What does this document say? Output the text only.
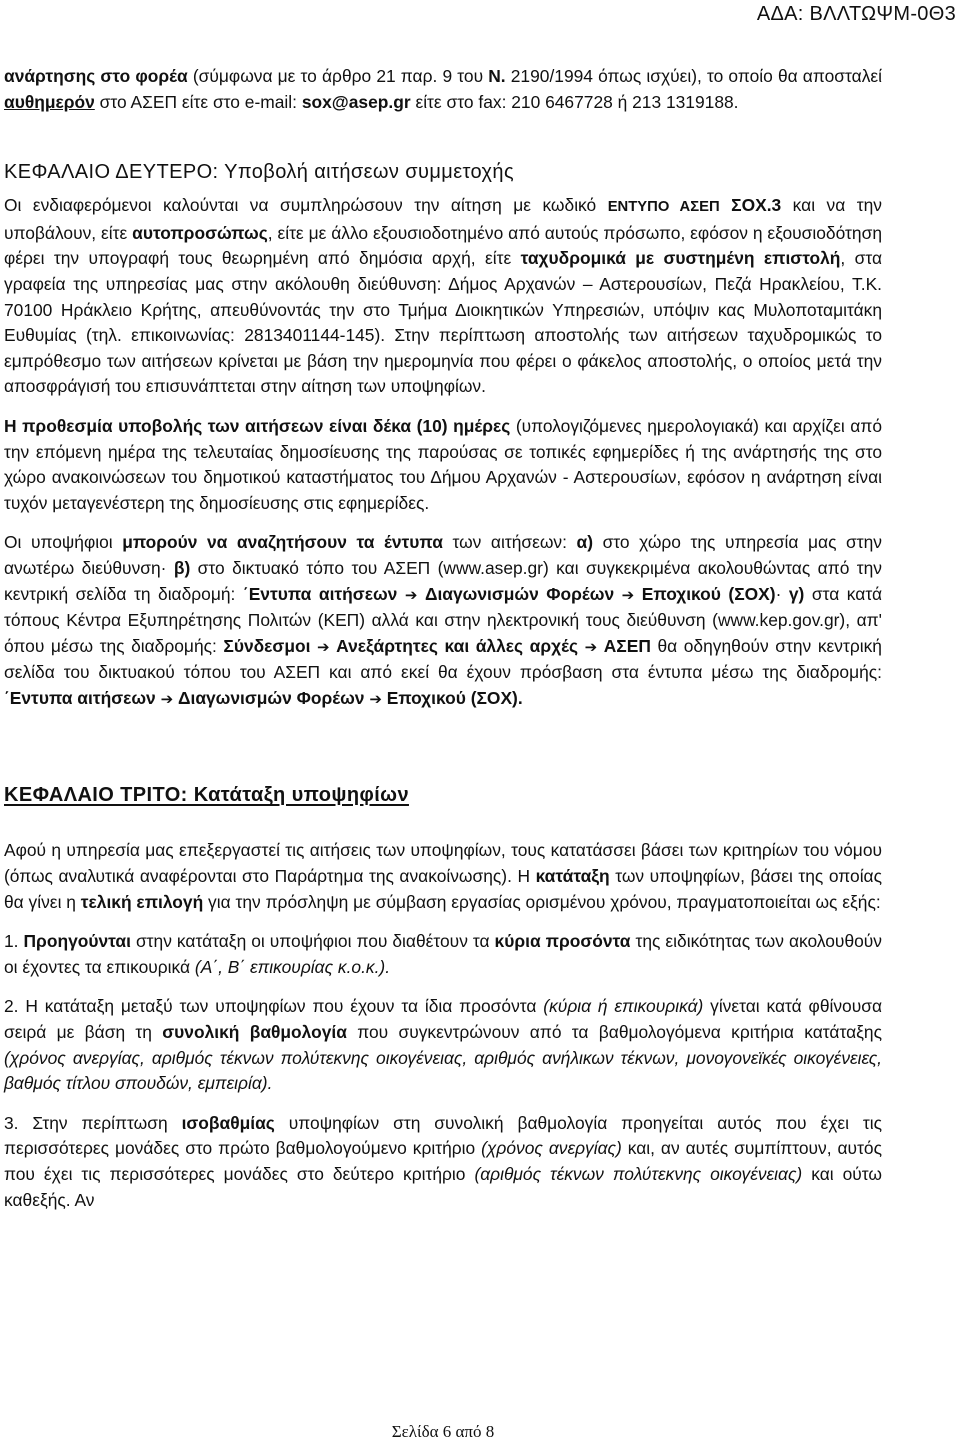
ΑΔΑ: ΒΛΛΤΩΨΜ-0Θ3

ανάρτησης στο φορέα (σύμφωνα με το άρθρο 21 παρ. 9 του Ν. 2190/1994 όπως ισχύει), το οποίο θα αποσταλεί αυθημερόν στο ΑΣΕΠ είτε στο e-mail: sox@asep.gr είτε στο fax: 210 6467728 ή 213 1319188.

ΚΕΦΑΛΑΙΟ ΔΕΥΤΕΡΟ: Υποβολή αιτήσεων συμμετοχής

Οι ενδιαφερόμενοι καλούνται να συμπληρώσουν την αίτηση με κωδικό ΕΝΤΥΠΟ ΑΣΕΠ ΣΟΧ.3 και να την υποβάλουν, είτε αυτοπροσώπως, είτε με άλλο εξουσιοδοτημένο από αυτούς πρόσωπο, εφόσον η εξουσιοδότηση φέρει την υπογραφή τους θεωρημένη από δημόσια αρχή, είτε ταχυδρομικά με συστημένη επιστολή, στα γραφεία της υπηρεσίας μας στην ακόλουθη διεύθυνση: Δήμος Αρχανών – Αστερουσίων, Πεζά Ηρακλείου, Τ.Κ. 70100 Ηράκλειο Κρήτης, απευθύνοντάς την στο Τμήμα Διοικητικών Υπηρεσιών, υπόψιν κας Μυλοποταμιτάκη Ευθυμίας (τηλ. επικοινωνίας: 2813401144-145). Στην περίπτωση αποστολής των αιτήσεων ταχυδρομικώς το εμπρόθεσμο των αιτήσεων κρίνεται με βάση την ημερομηνία που φέρει ο φάκελος αποστολής, ο οποίος μετά την αποσφράγισή του επισυνάπτεται στην αίτηση των υποψηφίων.

Η προθεσμία υποβολής των αιτήσεων είναι δέκα (10) ημέρες (υπολογιζόμενες ημερολογιακά) και αρχίζει από την επόμενη ημέρα της τελευταίας δημοσίευσης της παρούσας σε τοπικές εφημερίδες ή της ανάρτησής της στο χώρο ανακοινώσεων του δημοτικού καταστήματος του Δήμου Αρχανών - Αστερουσίων, εφόσον η ανάρτηση είναι τυχόν μεταγενέστερη της δημοσίευσης στις εφημερίδες.

Οι υποψήφιοι μπορούν να αναζητήσουν τα έντυπα των αιτήσεων: α) στο χώρο της υπηρεσία μας στην ανωτέρω διεύθυνση· β) στο δικτυακό τόπο του ΑΣΕΠ (www.asep.gr) και συγκεκριμένα ακολουθώντας από την κεντρική σελίδα τη διαδρομή: ΄Εντυπα αιτήσεων ➔ Διαγωνισμών Φορέων ➔ Εποχικού (ΣΟΧ)· γ) στα κατά τόπους Κέντρα Εξυπηρέτησης Πολιτών (ΚΕΠ) αλλά και στην ηλεκτρονική τους διεύθυνση (www.kep.gov.gr), απ' όπου μέσω της διαδρομής: Σύνδεσμοι ➔ Ανεξάρτητες και άλλες αρχές ➔ ΑΣΕΠ θα οδηγηθούν στην κεντρική σελίδα του δικτυακού τόπου του ΑΣΕΠ και από εκεί θα έχουν πρόσβαση στα έντυπα μέσω της διαδρομής: ΄Εντυπα αιτήσεων ➔ Διαγωνισμών Φορέων ➔ Εποχικού (ΣΟΧ).

ΚΕΦΑΛΑΙΟ ΤΡΙΤΟ: Κατάταξη υποψηφίων

Αφού η υπηρεσία μας επεξεργαστεί τις αιτήσεις των υποψηφίων, τους κατατάσσει βάσει των κριτηρίων του νόμου (όπως αναλυτικά αναφέρονται στο Παράρτημα της ανακοίνωσης). Η κατάταξη των υποψηφίων, βάσει της οποίας θα γίνει η τελική επιλογή για την πρόσληψη με σύμβαση εργασίας ορισμένου χρόνου, πραγματοποιείται ως εξής:

1. Προηγούνται στην κατάταξη οι υποψήφιοι που διαθέτουν τα κύρια προσόντα της ειδικότητας των ακολουθούν οι έχοντες τα επικουρικά (Α΄, Β΄ επικουρίας κ.ο.κ.).

2. Η κατάταξη μεταξύ των υποψηφίων που έχουν τα ίδια προσόντα (κύρια ή επικουρικά) γίνεται κατά φθίνουσα σειρά με βάση τη συνολική βαθμολογία που συγκεντρώνουν από τα βαθμολογόμενα κριτήρια κατάταξης (χρόνος ανεργίας, αριθμός τέκνων πολύτεκνης οικογένειας, αριθμός ανήλικων τέκνων, μονογονεϊκές οικογένειες, βαθμός τίτλου σπουδών, εμπειρία).

3. Στην περίπτωση ισοβαθμίας υποψηφίων στη συνολική βαθμολογία προηγείται αυτός που έχει τις περισσότερες μονάδες στο πρώτο βαθμολογούμενο κριτήριο (χρόνος ανεργίας) και, αν αυτές συμπίπτουν, αυτός που έχει τις περισσότερες μονάδες στο δεύτερο κριτήριο (αριθμός τέκνων πολύτεκνης οικογένειας) και ούτω καθεξής. Αν

Σελίδα 6 από 8
